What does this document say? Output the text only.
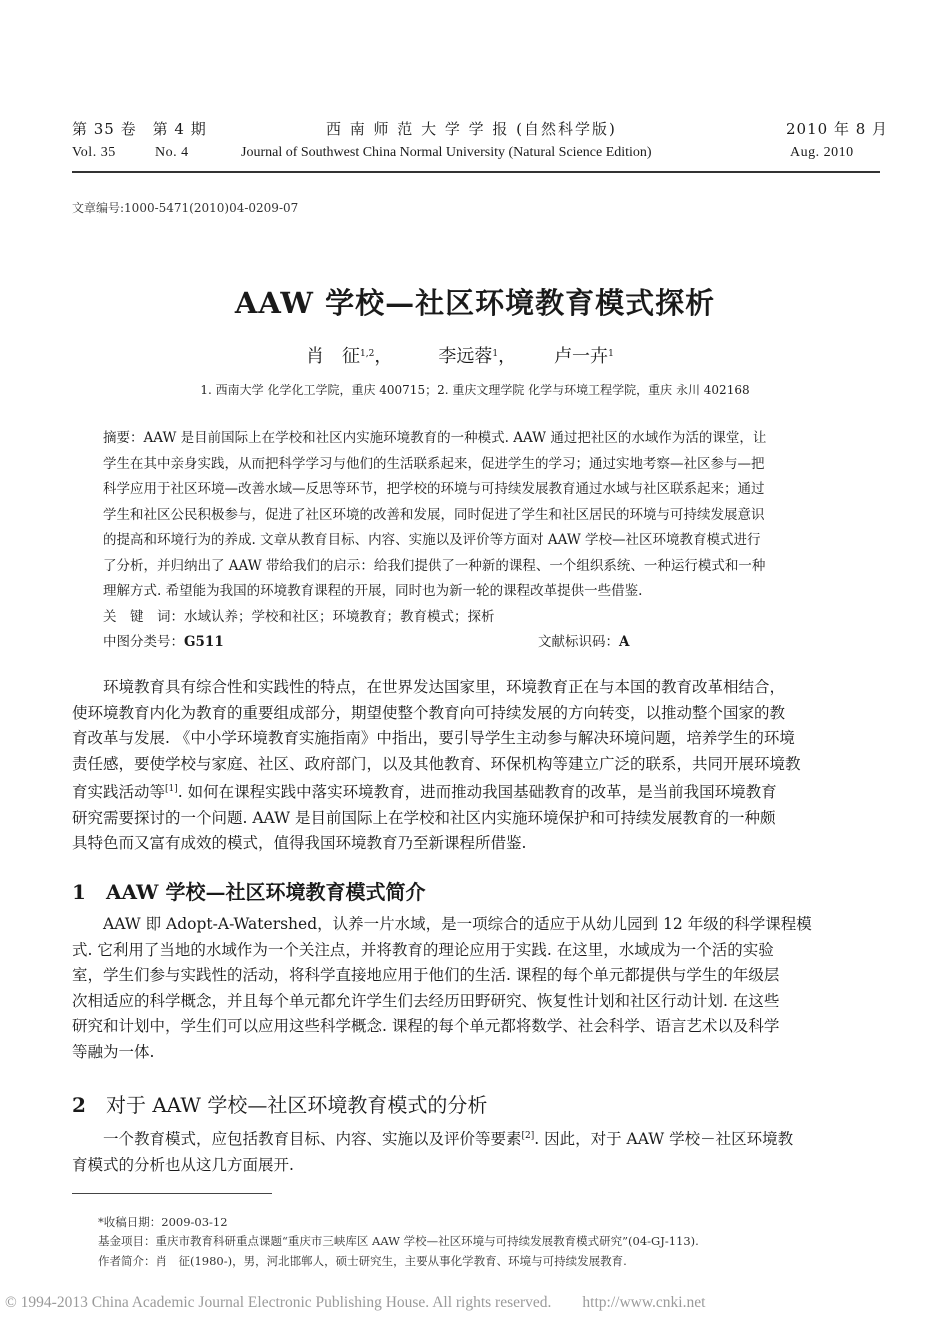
第 35 卷　第 4 期	西 南 师 范 大 学 学 报 (自然科学版)	2010 年 8 月
Vol. 35	No. 4	Journal of Southwest China Normal University (Natural Science Edition)	Aug. 2010
文章编号:1000-5471(2010)04-0209-07
AAW 学校—社区环境教育模式探析
肖　征$^{1,2}$，	李远蓉$^1$， 卢一卉$^1$
1. 西南大学 化学化工学院，重庆 400715；2. 重庆文理学院 化学与环境工程学院，重庆 永川 402168
摘要：AAW 是目前国际上在学校和社区内实施环境教育的一种模式. AAW 通过把社区的水域作为活的课堂，让
学生在其中亲身实践，从而把科学学习与他们的生活联系起来，促进学生的学习；通过实地考察—社区参与—把
科学应用于社区环境—改善水域—反思等环节，把学校的环境与可持续发展教育通过水域与社区联系起来；通过
学生和社区公民积极参与，促进了社区环境的改善和发展，同时促进了学生和社区居民的环境与可持续发展意识
的提高和环境行为的养成. 文章从教育目标、内容、实施以及评价等方面对 AAW 学校—社区环境教育模式进行
了分析，并归纳出了 AAW 带给我们的启示：给我们提供了一种新的课程、一个组织系统、一种运行模式和一种
理解方式. 希望能为我国的环境教育课程的开展，同时也为新一轮的课程改革提供一些借鉴.
关　键　词：水域认养；学校和社区；环境教育；教育模式；探析
中图分类号：G511	文献标识码：A
环境教育具有综合性和实践性的特点，在世界发达国家里，环境教育正在与本国的教育改革相结合，
使环境教育内化为教育的重要组成部分，期望使整个教育向可持续发展的方向转变，以推动整个国家的教
育改革与发展. 《中小学环境教育实施指南》中指出，要引导学生主动参与解决环境问题，培养学生的环境
责任感，要使学校与家庭、社区、政府部门，以及其他教育、环保机构等建立广泛的联系，共同开展环境教
育实践活动等[1]. 如何在课程实践中落实环境教育，进而推动我国基础教育的改革，是当前我国环境教育
研究需要探讨的一个问题. AAW 是目前国际上在学校和社区内实施环境保护和可持续发展教育的一种颇
具特色而又富有成效的模式，值得我国环境教育乃至新课程所借鉴.
1 AAW 学校—社区环境教育模式简介
AAW 即 Adopt-A-Watershed，认养一片水域，是一项综合的适应于从幼儿园到 12 年级的科学课程模
式. 它利用了当地的水域作为一个关注点，并将教育的理论应用于实践. 在这里，水域成为一个活的实验
室，学生们参与实践性的活动，将科学直接地应用于他们的生活. 课程的每个单元都提供与学生的年级层
次相适应的科学概念，并且每个单元都允许学生们去经历田野研究、恢复性计划和社区行动计划. 在这些
研究和计划中，学生们可以应用这些科学概念. 课程的每个单元都将数学、社会科学、语言艺术以及科学
等融为一体.
2 对于 AAW 学校—社区环境教育模式的分析
一个教育模式，应包括教育目标、内容、实施以及评价等要素[2]. 因此，对于 AAW 学校－社区环境教
育模式的分析也从这几方面展开.
*收稿日期：2009-03-12
基金项目：重庆市教育科研重点课题“重庆市三峡库区 AAW 学校—社区环境与可持续发展教育模式研究”(04-GJ-113).
作者简介：肖　征(1980-)，男，河北邯郸人，硕士研究生，主要从事化学教育、环境与可持续发展教育.
© 1994-2013 China Academic Journal Electronic Publishing House. All rights reserved.　　http://www.cnki.net
